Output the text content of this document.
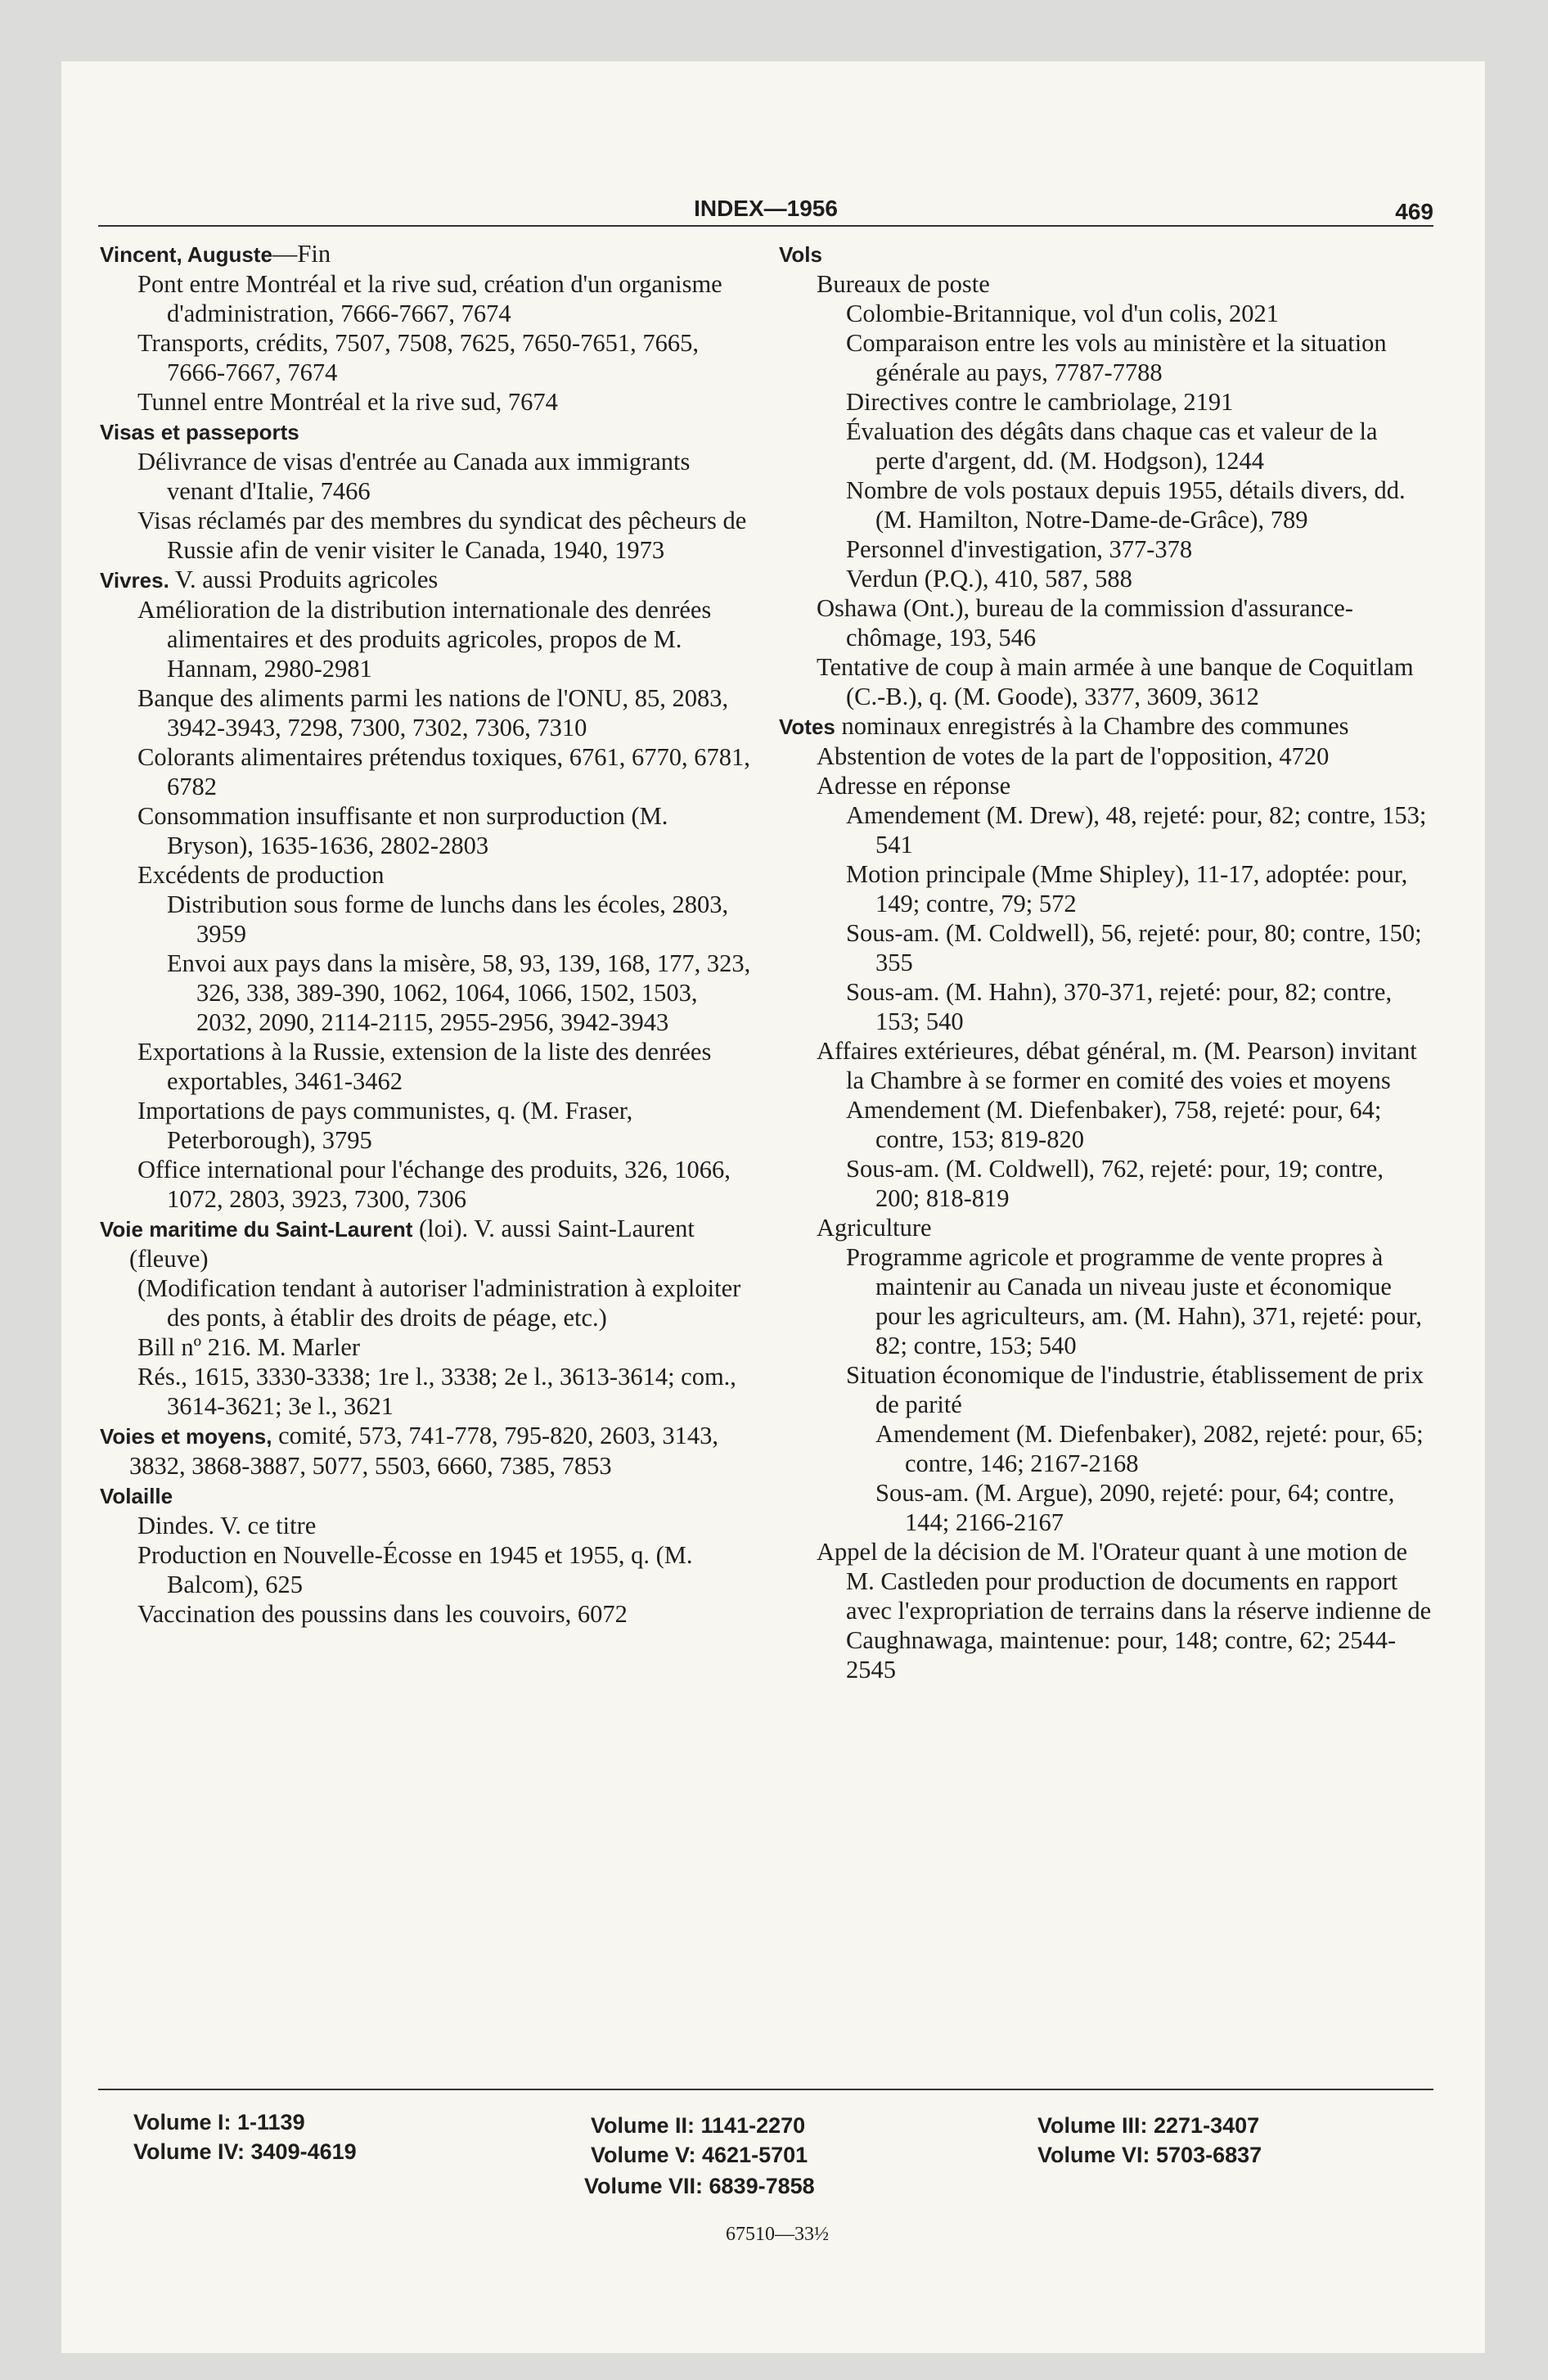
INDEX—1956	469
Vincent, Auguste—Fin
Pont entre Montréal et la rive sud, création d'un organisme d'administration, 7666-7667, 7674
Transports, crédits, 7507, 7508, 7625, 7650-7651, 7665, 7666-7667, 7674
Tunnel entre Montréal et la rive sud, 7674
Visas et passeports
Délivrance de visas d'entrée au Canada aux immigrants venant d'Italie, 7466
Visas réclamés par des membres du syndicat des pêcheurs de Russie afin de venir visiter le Canada, 1940, 1973
Vivres. V. aussi Produits agricoles
Amélioration de la distribution internationale des denrées alimentaires et des produits agricoles, propos de M. Hannam, 2980-2981
Banque des aliments parmi les nations de l'ONU, 85, 2083, 3942-3943, 7298, 7300, 7302, 7306, 7310
Colorants alimentaires prétendus toxiques, 6761, 6770, 6781, 6782
Consommation insuffisante et non surproduction (M. Bryson), 1635-1636, 2802-2803
Excédents de production
Distribution sous forme de lunchs dans les écoles, 2803, 3959
Envoi aux pays dans la misère, 58, 93, 139, 168, 177, 323, 326, 338, 389-390, 1062, 1064, 1066, 1502, 1503, 2032, 2090, 2114-2115, 2955-2956, 3942-3943
Exportations à la Russie, extension de la liste des denrées exportables, 3461-3462
Importations de pays communistes, q. (M. Fraser, Peterborough), 3795
Office international pour l'échange des produits, 326, 1066, 1072, 2803, 3923, 7300, 7306
Voie maritime du Saint-Laurent (loi). V. aussi Saint-Laurent (fleuve)
(Modification tendant à autoriser l'administration à exploiter des ponts, à établir des droits de péage, etc.)
Bill nº 216. M. Marler
Rés., 1615, 3330-3338; 1re l., 3338; 2e l., 3613-3614; com., 3614-3621; 3e l., 3621
Voies et moyens, comité, 573, 741-778, 795-820, 2603, 3143, 3832, 3868-3887, 5077, 5503, 6660, 7385, 7853
Volaille
Dindes. V. ce titre
Production en Nouvelle-Écosse en 1945 et 1955, q. (M. Balcom), 625
Vaccination des poussins dans les couvoirs, 6072
Vols
Bureaux de poste
Colombie-Britannique, vol d'un colis, 2021
Comparaison entre les vols au ministère et la situation générale au pays, 7787-7788
Directives contre le cambriolage, 2191
Évaluation des dégâts dans chaque cas et valeur de la perte d'argent, dd. (M. Hodgson), 1244
Nombre de vols postaux depuis 1955, détails divers, dd. (M. Hamilton, Notre-Dame-de-Grâce), 789
Personnel d'investigation, 377-378
Verdun (P.Q.), 410, 587, 588
Oshawa (Ont.), bureau de la commission d'assurance-chômage, 193, 546
Tentative de coup à main armée à une banque de Coquitlam (C.-B.), q. (M. Goode), 3377, 3609, 3612
Votes nominaux enregistrés à la Chambre des communes
Abstention de votes de la part de l'opposition, 4720
Adresse en réponse
Amendement (M. Drew), 48, rejeté: pour, 82; contre, 153; 541
Motion principale (Mme Shipley), 11-17, adoptée: pour, 149; contre, 79; 572
Sous-am. (M. Coldwell), 56, rejeté: pour, 80; contre, 150; 355
Sous-am. (M. Hahn), 370-371, rejeté: pour, 82; contre, 153; 540
Affaires extérieures, débat général, m. (M. Pearson) invitant la Chambre à se former en comité des voies et moyens
Amendement (M. Diefenbaker), 758, rejeté: pour, 64; contre, 153; 819-820
Sous-am. (M. Coldwell), 762, rejeté: pour, 19; contre, 200; 818-819
Agriculture
Programme agricole et programme de vente propres à maintenir au Canada un niveau juste et économique pour les agriculteurs, am. (M. Hahn), 371, rejeté: pour, 82; contre, 153; 540
Situation économique de l'industrie, établissement de prix de parité
Amendement (M. Diefenbaker), 2082, rejeté: pour, 65; contre, 146; 2167-2168
Sous-am. (M. Argue), 2090, rejeté: pour, 64; contre, 144; 2166-2167
Appel de la décision de M. l'Orateur quant à une motion de M. Castleden pour production de documents en rapport avec l'expropriation de terrains dans la réserve indienne de Caughnawaga, maintenue: pour, 148; contre, 62; 2544-2545
Volume I: 1-1139
Volume IV: 3409-4619
Volume II: 1141-2270
Volume V: 4621-5701
Volume VII: 6839-7858
Volume III: 2271-3407
Volume VI: 5703-6837
67510—33½
